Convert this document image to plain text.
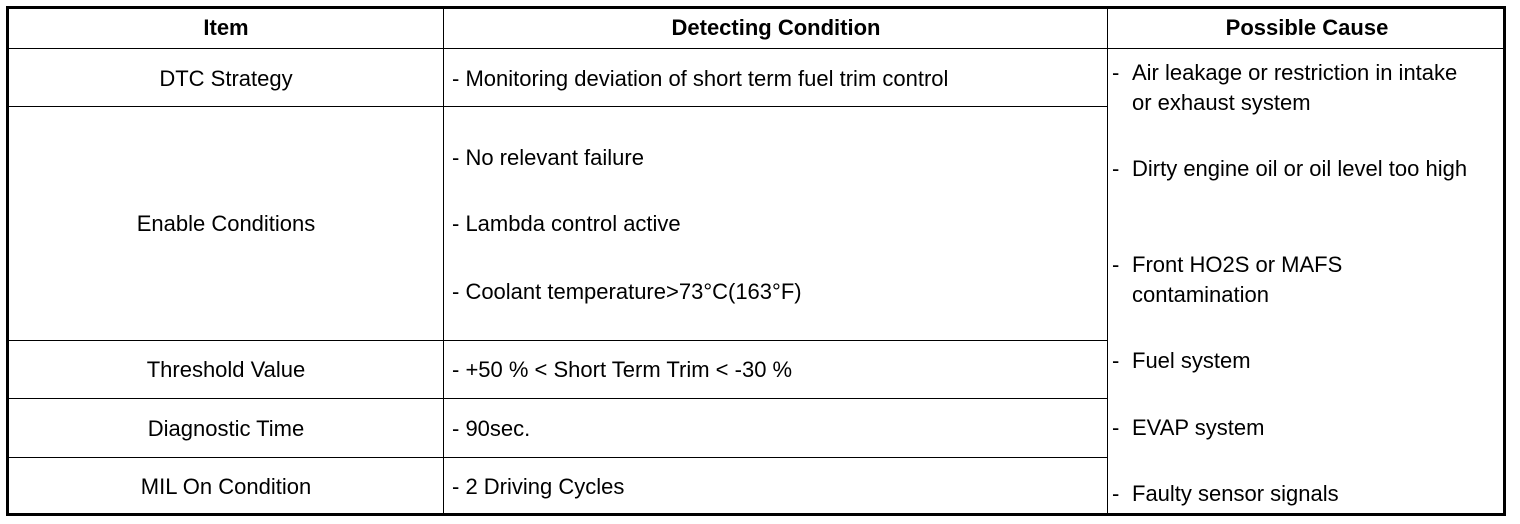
Item	Detecting Condition	Possible Cause
DTC Strategy
Enable Conditions
Threshold Value
Diagnostic Time
MIL On Condition
- Monitoring deviation of short term fuel trim control
- No relevant failure
- Lambda control active
- Coolant temperature>73°C(163°F)
- +50 % < Short Term Trim < -30 %
- 90sec.
- 2 Driving Cycles
- Air leakage or restriction in intake or exhaust system
- Dirty engine oil or oil level too high
- Front HO2S or MAFS contamination
- Fuel system
- EVAP system
- Faulty sensor signals
